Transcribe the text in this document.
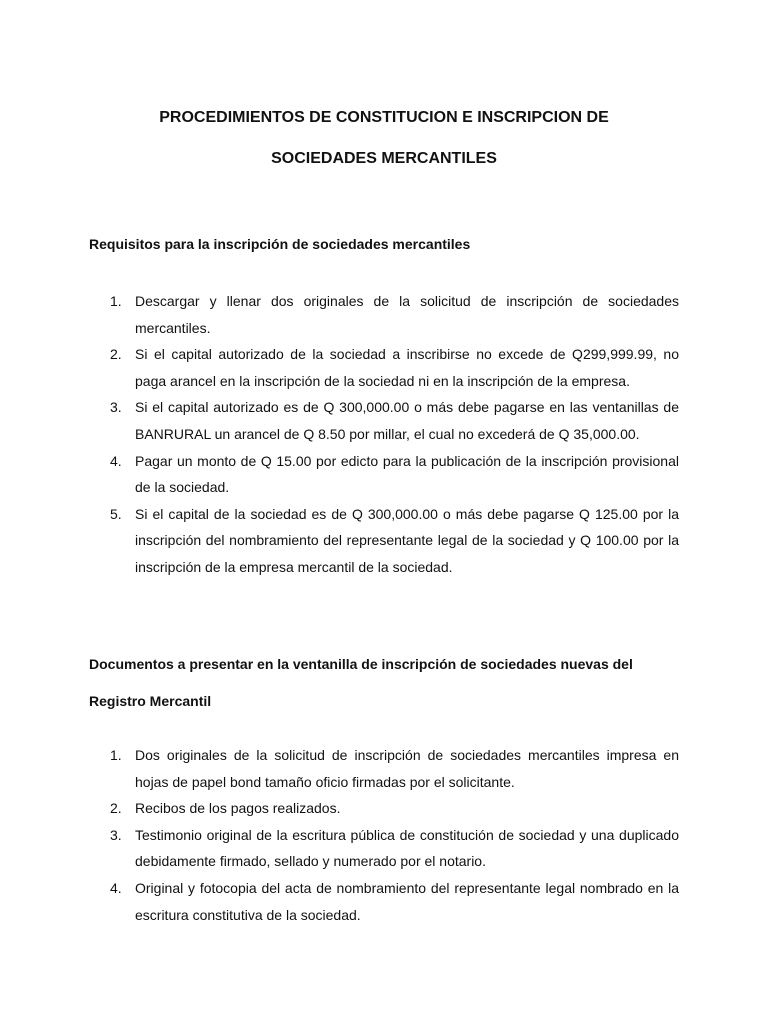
PROCEDIMIENTOS DE CONSTITUCION E INSCRIPCION DE
SOCIEDADES MERCANTILES
Requisitos para la inscripción de sociedades mercantiles
1. Descargar y llenar dos originales de la solicitud de inscripción de sociedades mercantiles.
2. Si el capital autorizado de la sociedad a inscribirse no excede de Q299,999.99, no paga arancel en la inscripción de la sociedad ni en la inscripción de la empresa.
3. Si el capital autorizado es de Q 300,000.00 o más debe pagarse en las ventanillas de BANRURAL un arancel de Q 8.50 por millar, el cual no excederá de Q 35,000.00.
4. Pagar un monto de Q 15.00 por edicto para la publicación de la inscripción provisional de la sociedad.
5. Si el capital de la sociedad es de Q 300,000.00 o más debe pagarse Q 125.00 por la inscripción del nombramiento del representante legal de la sociedad y Q 100.00 por la inscripción de la empresa mercantil de la sociedad.
Documentos a presentar en la ventanilla de inscripción de sociedades nuevas del
Registro Mercantil
1. Dos originales de la solicitud de inscripción de sociedades mercantiles impresa en hojas de papel bond tamaño oficio firmadas por el solicitante.
2. Recibos de los pagos realizados.
3. Testimonio original de la escritura pública de constitución de sociedad y una duplicado debidamente firmado, sellado y numerado por el notario.
4. Original y fotocopia del acta de nombramiento del representante legal nombrado en la escritura constitutiva de la sociedad.
